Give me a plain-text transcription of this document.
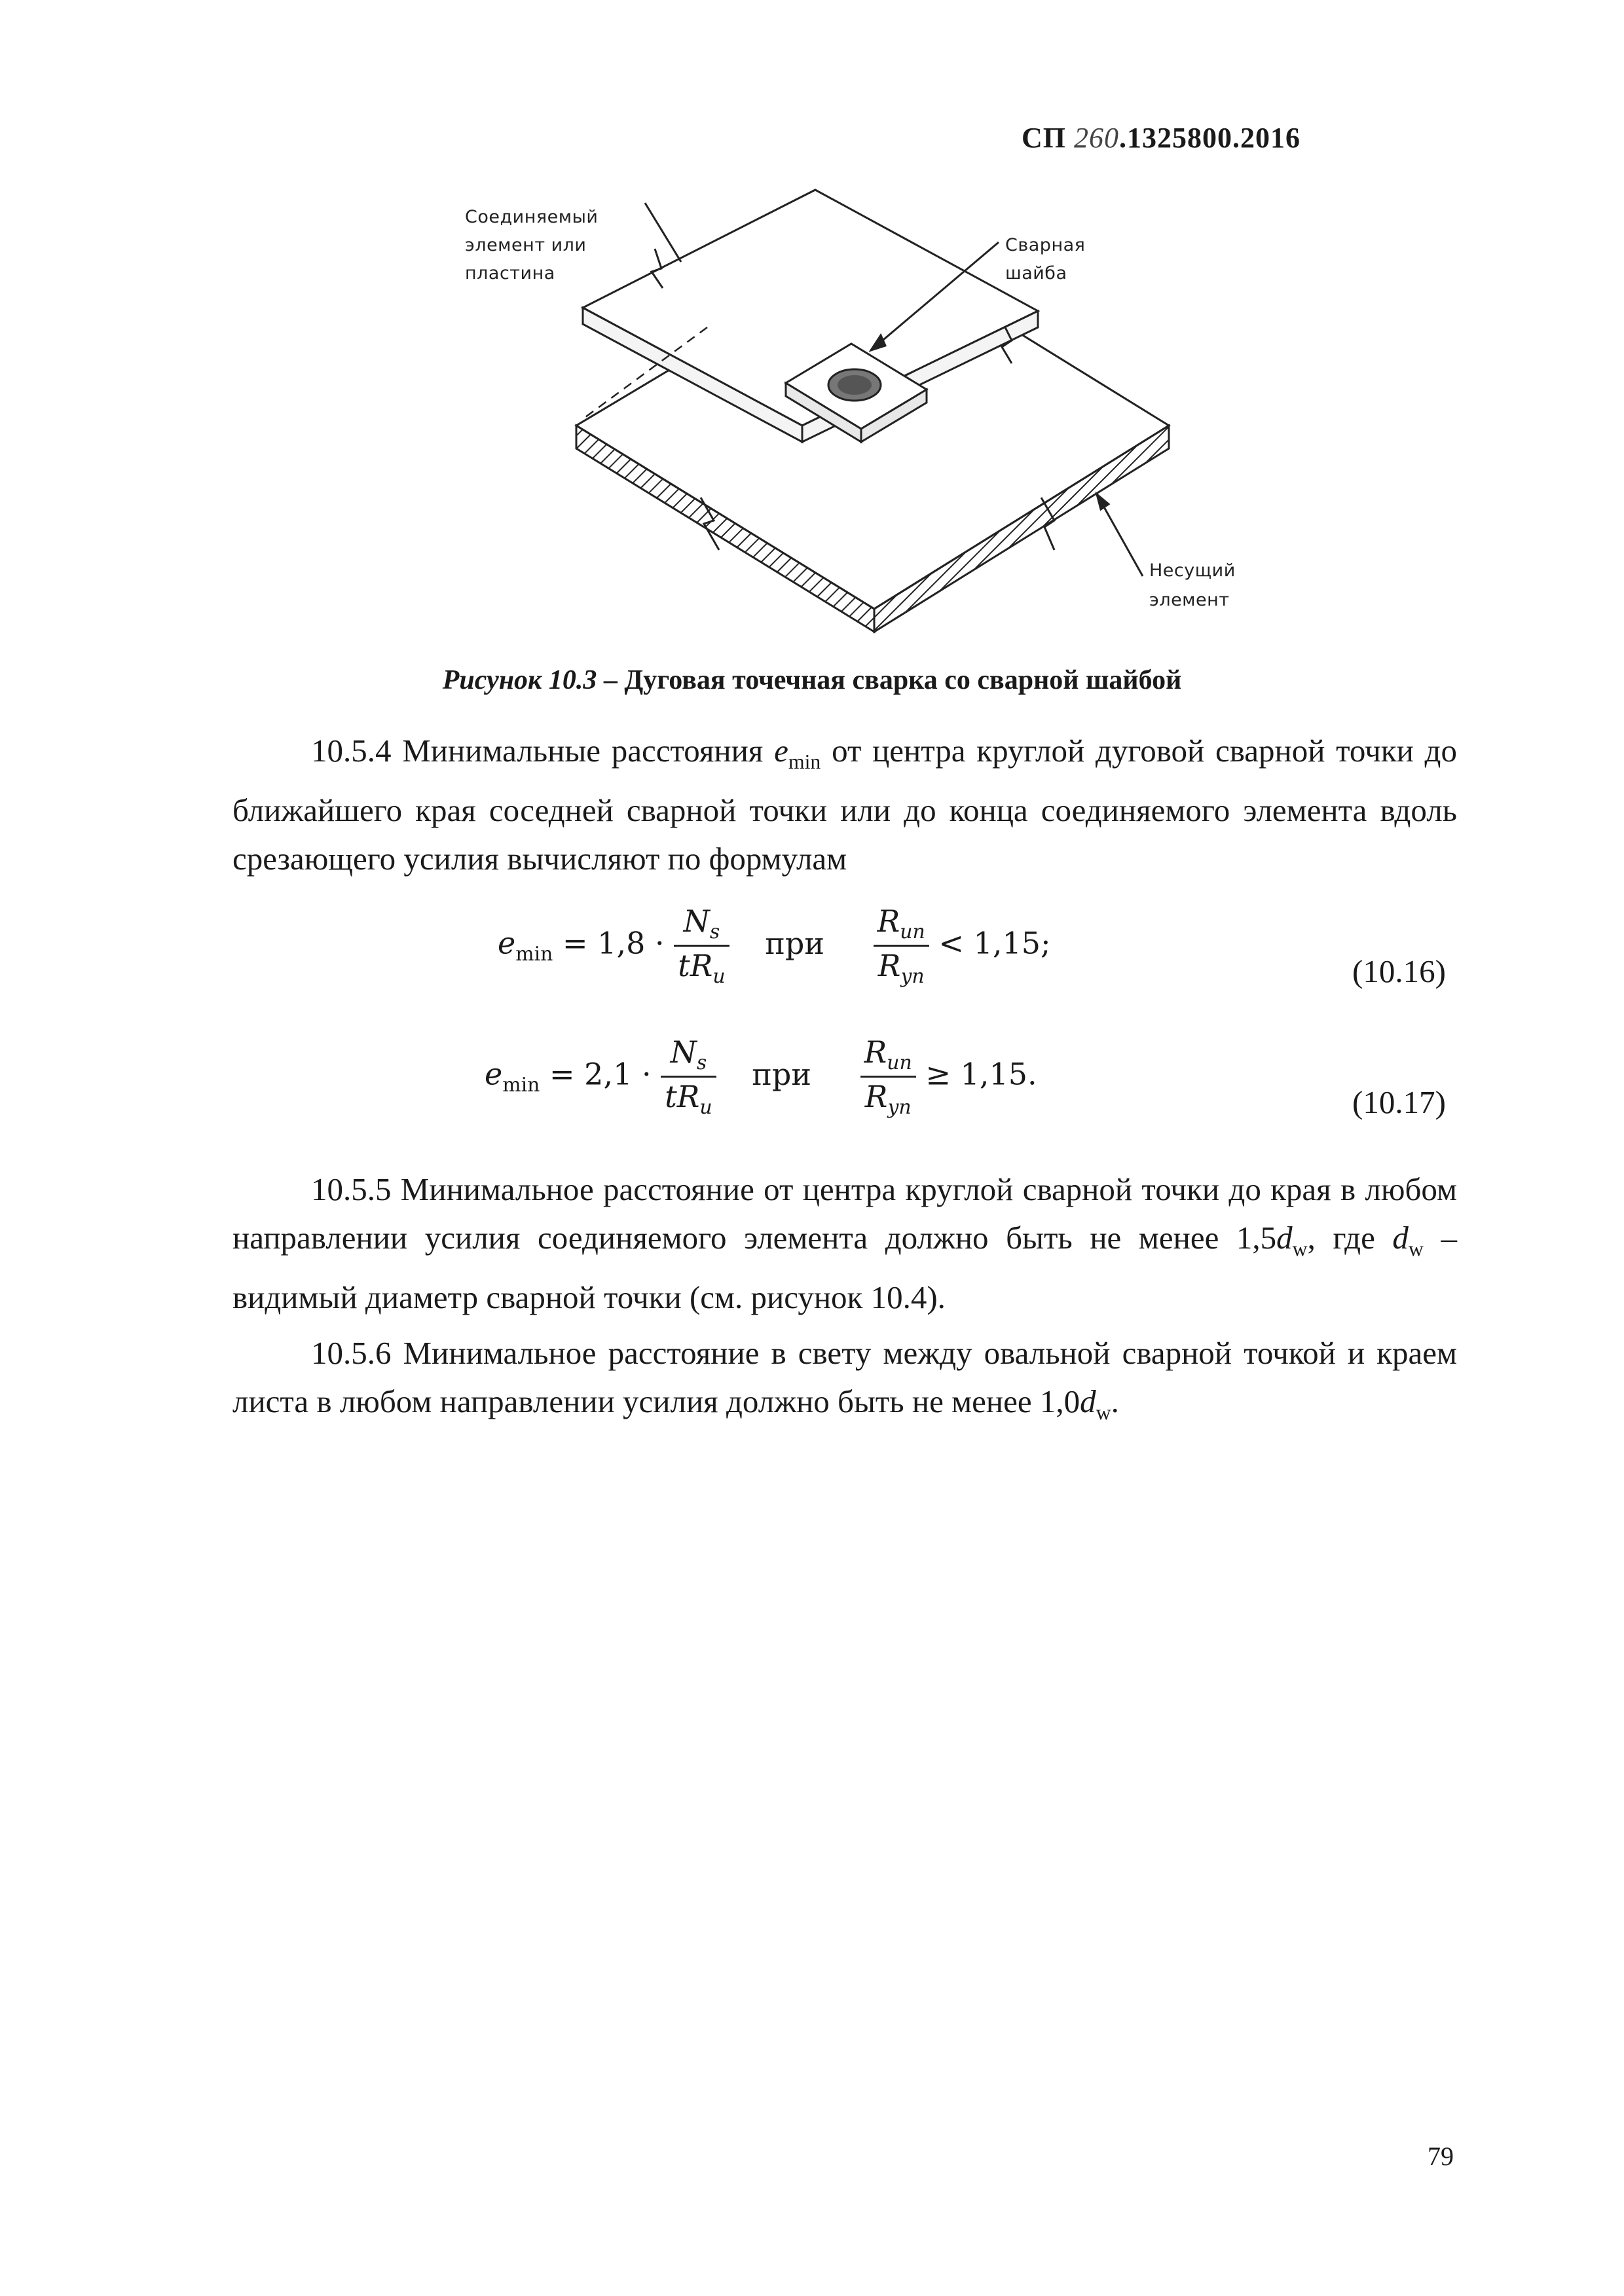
СП 260.1325800.2016
Соединяемый
элемент или
пластина
Сварная
шайба
Несущий
элемент
Рисунок 10.3 – Дуговая точечная сварка со сварной шайбой
10.5.4 Минимальные расстояния $e_{min}$ от центра круглой дуговой сварной точки до ближайшего края соседней сварной точки или до конца соединяемого элемента вдоль срезающего усилия вычисляют по формулам
$e_{min} = 1,8 \cdot \frac{N_s}{tR_u}$ при $\frac{R_{un}}{R_{yn}} < 1,15$;
(10.16)
$e_{min} = 2,1 \cdot \frac{N_s}{tR_u}$ при $\frac{R_{un}}{R_{yn}} \ge 1,15$.
(10.17)
10.5.5 Минимальное расстояние от центра круглой сварной точки до края в любом направлении усилия соединяемого элемента должно быть не менее $1,5d_w$, где $d_w$ – видимый диаметр сварной точки (см. рисунок 10.4).
10.5.6 Минимальное расстояние в свету между овальной сварной точкой и краем листа в любом направлении усилия должно быть не менее $1,0d_w$.
79
